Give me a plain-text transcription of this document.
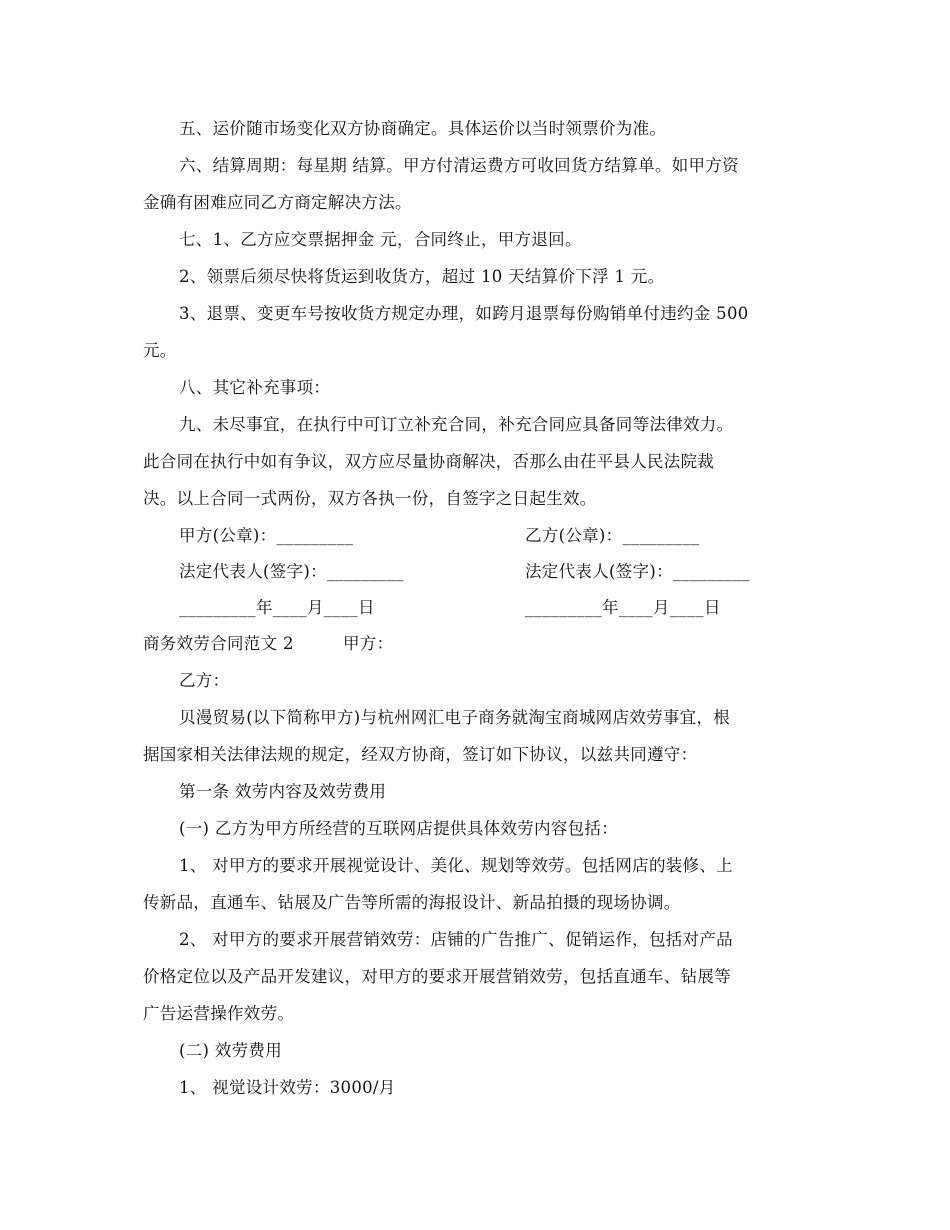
五、运价随市场变化双方协商确定。具体运价以当时领票价为准。
六、结算周期：每星期 结算。甲方付清运费方可收回货方结算单。如甲方资
金确有困难应同乙方商定解决方法。
七、1、乙方应交票据押金 元，合同终止，甲方退回。
2、领票后须尽快将货运到收货方，超过 10 天结算价下浮 1 元。
3、退票、变更车号按收货方规定办理，如跨月退票每份购销单付违约金 500
元。
八、其它补充事项：
九、未尽事宜，在执行中可订立补充合同，补充合同应具备同等法律效力。
此合同在执行中如有争议，双方应尽量协商解决，否那么由茌平县人民法院裁
决。以上合同一式两份，双方各执一份，自签字之日起生效。
甲方(公章)：_________	乙方(公章)：_________
法定代表人(签字)：_________	法定代表人(签字)：_________
_________年____月____日	_________年____月____日
商务效劳合同范文 2	甲方：
乙方：
贝漫贸易(以下简称甲方)与杭州网汇电子商务就淘宝商城网店效劳事宜，根
据国家相关法律法规的规定，经双方协商，签订如下协议，以兹共同遵守：
第一条 效劳内容及效劳费用
(一) 乙方为甲方所经营的互联网店提供具体效劳内容包括：
1、 对甲方的要求开展视觉设计、美化、规划等效劳。包括网店的装修、上
传新品，直通车、钻展及广告等所需的海报设计、新品拍摄的现场协调。
2、 对甲方的要求开展营销效劳：店铺的广告推广、促销运作，包括对产品
价格定位以及产品开发建议，对甲方的要求开展营销效劳，包括直通车、钻展等
广告运营操作效劳。
(二) 效劳费用
1、 视觉设计效劳：3000/月
